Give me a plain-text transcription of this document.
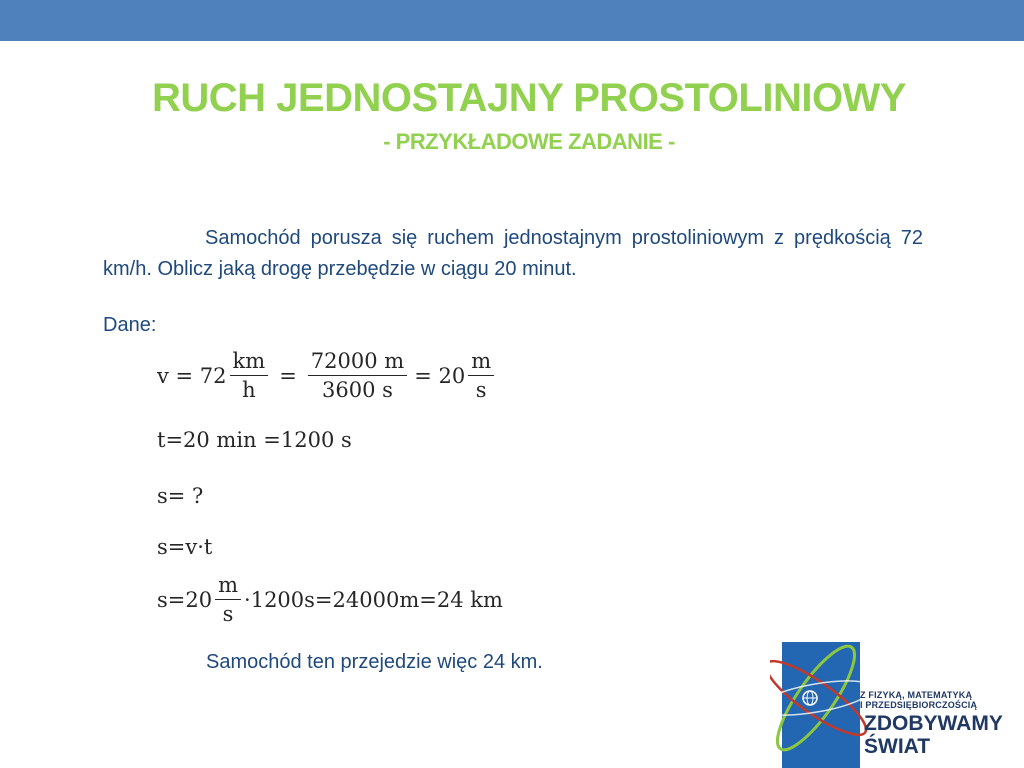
RUCH JEDNOSTAJNY PROSTOLINIOWY
- PRZYKŁADOWE ZADANIE -
Samochód porusza się ruchem jednostajnym prostoliniowym z prędkością 72 km/h. Oblicz jaką drogę przebędzie w ciągu 20 minut.
Dane:
$v = 72 \frac{km}{h} = \frac{72000 m}{3600 s} = 20 \frac{m}{s}$
t=20 min =1200 s
s= ?
s=v·t
$s=20 \frac{m}{s} \cdot 1200s=24000m=24$ km
Samochód ten przejedzie więc 24 km.
Z FIZYKĄ, MATEMATYKĄ
I PRZEDSIĘBIORCZOŚCIĄ
ZDOBYWAMY
ŚWIAT
